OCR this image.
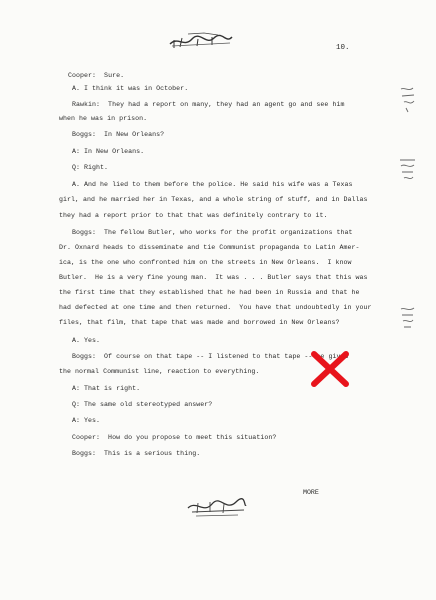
10.
Cooper:  Sure.
A. I think it was in October.
Rawkin:  They had a report on many, they had an agent go and see him
when he was in prison.
Boggs:  In New Orleans?
A: In New Orleans.
Q: Right.
A. And he lied to them before the police. He said his wife was a Texas
girl, and he married her in Texas, and a whole string of stuff, and in Dallas
they had a report prior to that that was definitely contrary to it.
Boggs:  The fellow Butler, who works for the profit organizations that
Dr. Oxnard heads to disseminate and tie Communist propaganda to Latin Amer-
ica, is the one who confronted him on the streets in New Orleans.  I know
Butler.  He is a very fine young man.  It was . . . Butler says that this was
the first time that they established that he had been in Russia and that he
had defected at one time and then returned.  You have that undoubtedly in your
files, that film, that tape that was made and borrowed in New Orleans?
A. Yes.
Boggs:  Of course on that tape -- I listened to that tape -- he gives
the normal Communist line, reaction to everything.
A: That is right.
Q: The same old stereotyped answer?
A: Yes.
Cooper:  How do you propose to meet this situation?
Boggs:  This is a serious thing.
MORE
